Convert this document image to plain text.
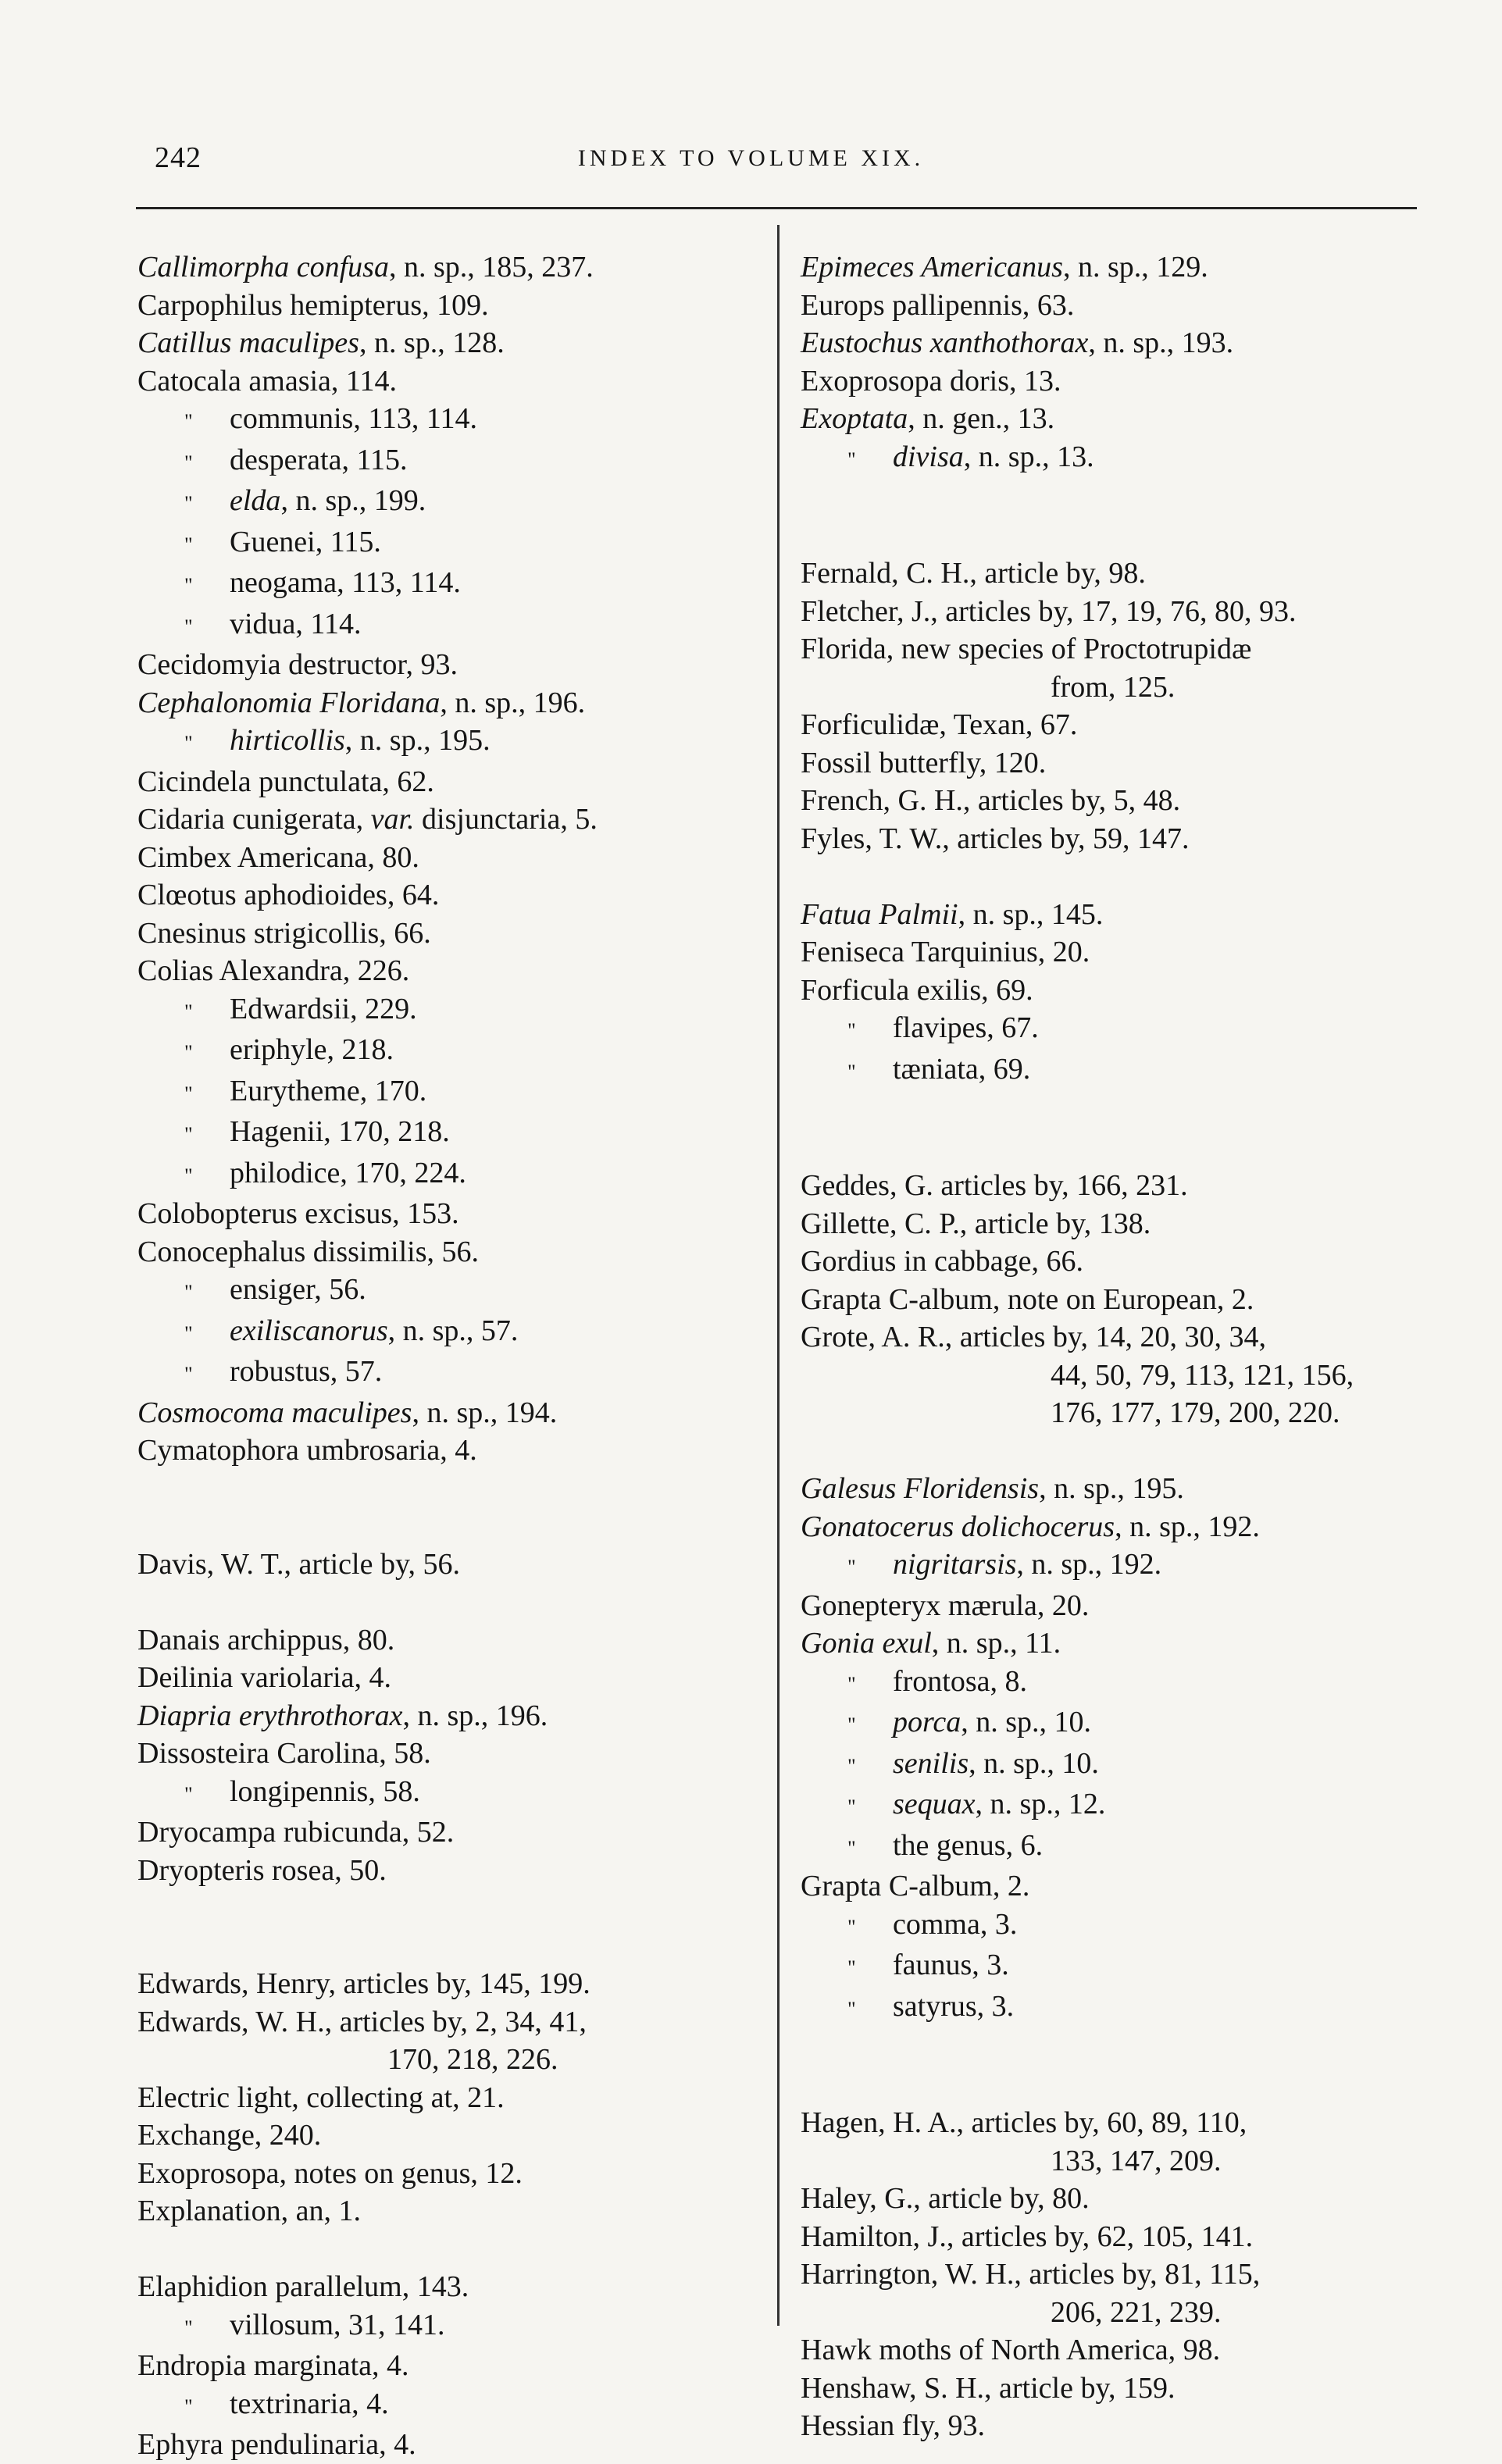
242	INDEX TO VOLUME XIX.
Callimorpha confusa, n. sp., 185, 237.
Carpophilus hemipterus, 109.
Catillus maculipes, n. sp., 128.
Catocala amasia, 114.
" communis, 113, 114.
" desperata, 115.
" elda, n. sp., 199.
" Guenei, 115.
" neogama, 113, 114.
" vidua, 114.
Cecidomyia destructor, 93.
Cephalonomia Floridana, n. sp., 196.
" hirticollis, n. sp., 195.
Cicindela punctulata, 62.
Cidaria cunigerata, var. disjunctaria, 5.
Cimbex Americana, 80.
Clœotus aphodioides, 64.
Cnesinus strigicollis, 66.
Colias Alexandra, 226.
" Edwardsii, 229.
" eriphyle, 218.
" Eurytheme, 170.
" Hagenii, 170, 218.
" philodice, 170, 224.
Colobopterus excisus, 153.
Conocephalus dissimilis, 56.
" ensiger, 56.
" exiliscanorus, n. sp., 57.
" robustus, 57.
Cosmocoma maculipes, n. sp., 194.
Cymatophora umbrosaria, 4.
Davis, W. T., article by, 56.
Danais archippus, 80.
Deilinia variolaria, 4.
Diapria erythrothorax, n. sp., 196.
Dissosteira Carolina, 58.
" longipennis, 58.
Dryocampa rubicunda, 52.
Dryopteris rosea, 50.
Edwards, Henry, articles by, 145, 199.
Edwards, W. H., articles by, 2, 34, 41,
170, 218, 226.
Electric light, collecting at, 21.
Exchange, 240.
Exoprosopa, notes on genus, 12.
Explanation, an, 1.
Elaphidion parallelum, 143.
" villosum, 31, 141.
Endropia marginata, 4.
" textrinaria, 4.
Ephyra pendulinaria, 4.
Epimeces Americanus, n. sp., 129.
Europs pallipennis, 63.
Eustochus xanthothorax, n. sp., 193.
Exoprosopa doris, 13.
Exoptata, n. gen., 13.
" divisa, n. sp., 13.
Fernald, C. H., article by, 98.
Fletcher, J., articles by, 17, 19, 76, 80, 93.
Florida, new species of Proctotrupidæ
from, 125.
Forficulidæ, Texan, 67.
Fossil butterfly, 120.
French, G. H., articles by, 5, 48.
Fyles, T. W., articles by, 59, 147.
Fatua Palmii, n. sp., 145.
Feniseca Tarquinius, 20.
Forficula exilis, 69.
" flavipes, 67.
" tæniata, 69.
Geddes, G. articles by, 166, 231.
Gillette, C. P., article by, 138.
Gordius in cabbage, 66.
Grapta C-album, note on European, 2.
Grote, A. R., articles by, 14, 20, 30, 34,
44, 50, 79, 113, 121, 156,
176, 177, 179, 200, 220.
Galesus Floridensis, n. sp., 195.
Gonatocerus dolichocerus, n. sp., 192.
" nigritarsis, n. sp., 192.
Gonepteryx mærula, 20.
Gonia exul, n. sp., 11.
" frontosa, 8.
" porca, n. sp., 10.
" senilis, n. sp., 10.
" sequax, n. sp., 12.
" the genus, 6.
Grapta C-album, 2.
" comma, 3.
" faunus, 3.
" satyrus, 3.
Hagen, H. A., articles by, 60, 89, 110,
133, 147, 209.
Haley, G., article by, 80.
Hamilton, J., articles by, 62, 105, 141.
Harrington, W. H., articles by, 81, 115,
206, 221, 239.
Hawk moths of North America, 98.
Henshaw, S. H., article by, 159.
Hessian fly, 93.
